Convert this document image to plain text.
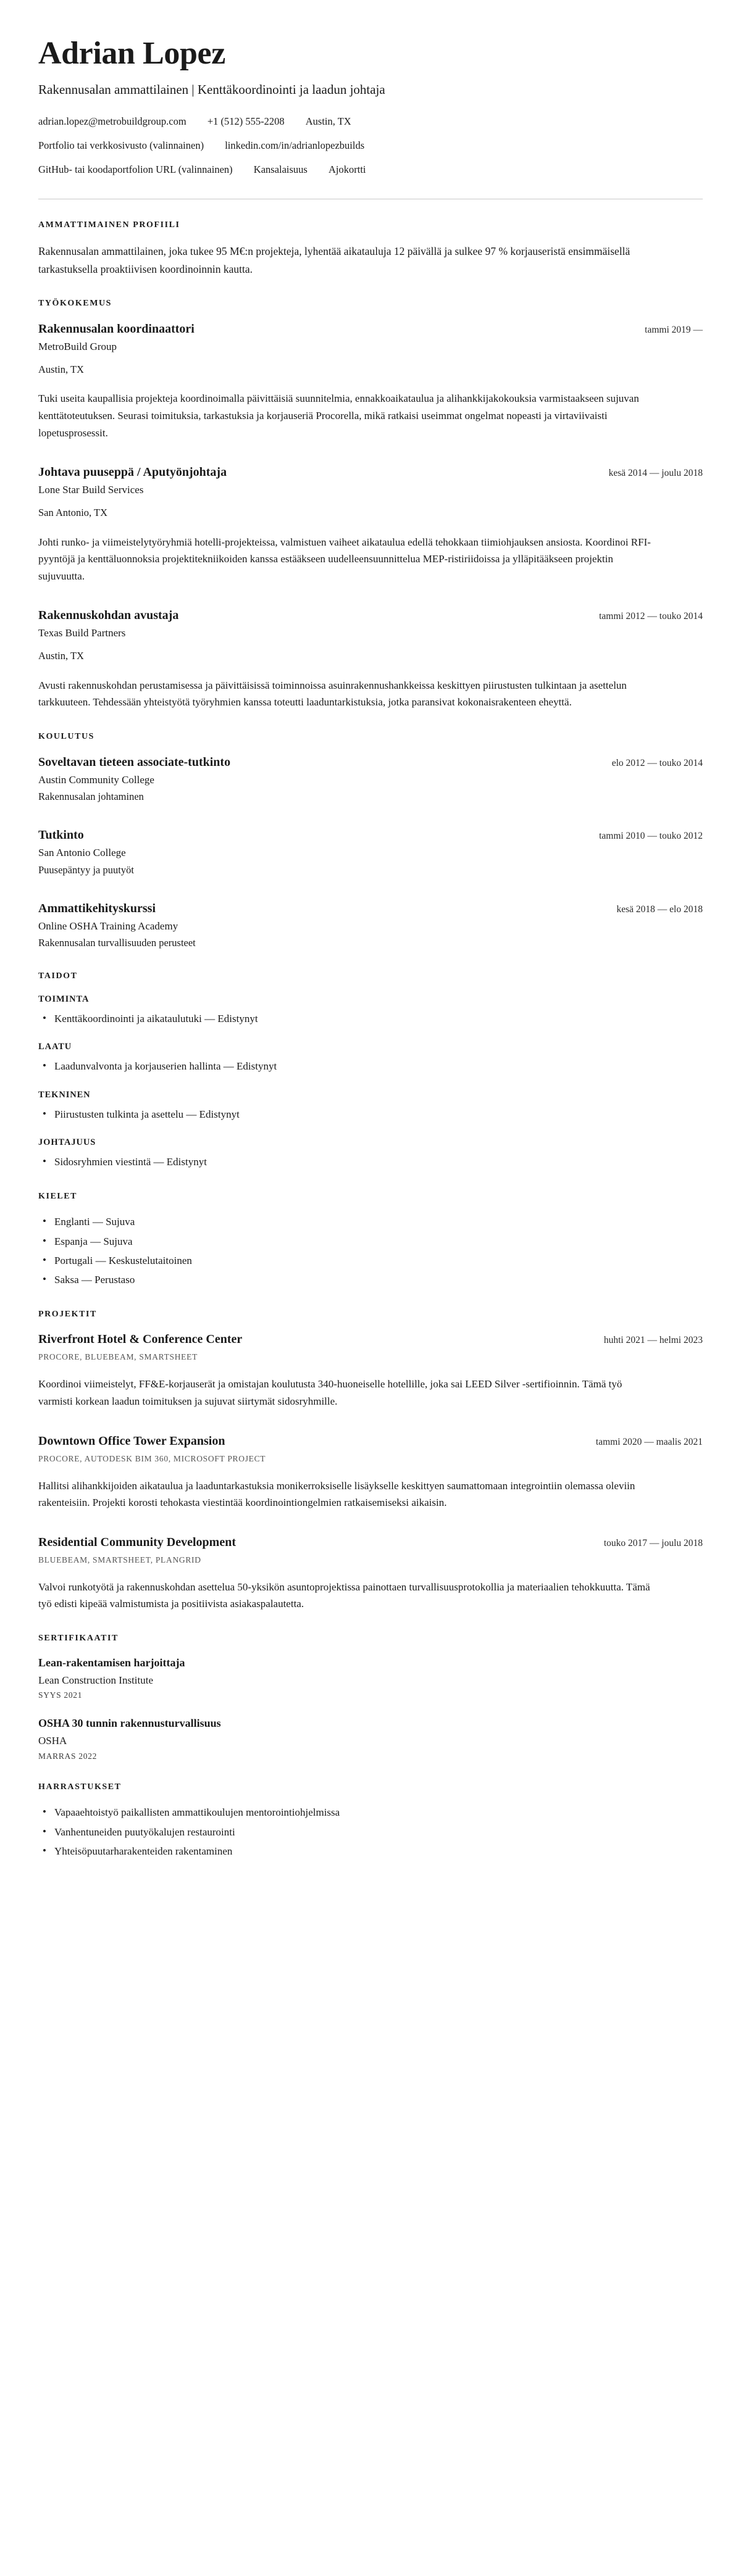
Adrian Lopez

Rakennusalan ammattilainen | Kenttäkoordinointi ja laadun johtaja

adrian.lopez@metrobuildgroup.com +1 (512) 555-2208 Austin, TX
Portfolio tai verkkosivusto (valinnainen) linkedin.com/in/adrianlopezbuilds
GitHub- tai koodaportfolion URL (valinnainen) Kansalaisuus Ajokortti
AMMATTIMAINEN PROFIILI

Rakennusalan ammattilainen, joka tukee 95 M€:n projekteja, lyhentää aikatauluja 12 päivällä ja sulkee 97 % korjauseristä ensimmäisellä tarkastuksella proaktiivisen koordinoinnin kautta.

TYÖKOKEMUS
Rakennusalan koordinaattori	tammi 2019 —

MetroBuild Group

Austin, TX

Tuki useita kaupallisia projekteja koordinoimalla päivittäisiä suunnitelmia, ennakkoaikataulua ja alihankkijakokouksia varmistaakseen sujuvan kenttätoteutuksen. Seurasi toimituksia, tarkastuksia ja korjauseriä Procorella, mikä ratkaisi useimmat ongelmat nopeasti ja virtaviivaisti lopetusprosessit.

Johtava puuseppä / Aputyönjohtaja	kesä 2014 — joulu 2018

Lone Star Build Services

San Antonio, TX

Johti runko- ja viimeistelytyöryhmiä hotelli-projekteissa, valmistuen vaiheet aikataulua edellä tehokkaan tiimiohjauksen ansiosta. Koordinoi RFI-pyyntöjä ja kenttäluonnoksia projektitekniikoiden kanssa estääkseen uudelleensuunnittelua MEP-ristiriidoissa ja ylläpitääkseen projektin sujuvuutta.

Rakennuskohdan avustaja	tammi 2012 — touko 2014

Texas Build Partners

Austin, TX

Avusti rakennuskohdan perustamisessa ja päivittäisissä toiminnoissa asuinrakennushankkeissa keskittyen piirustusten tulkintaan ja asettelun tarkkuuteen. Tehdessään yhteistyötä työryhmien kanssa toteutti laaduntarkistuksia, jotka paransivat kokonaisrakenteen eheyttä.

KOULUTUS
Soveltavan tieteen associate-tutkinto	elo 2012 — touko 2014

Austin Community College

Rakennusalan johtaminen

Tutkinto	tammi 2010 — touko 2012

San Antonio College

Puusepäntyy ja puutyöt

Ammattikehityskurssi	kesä 2018 — elo 2018

Online OSHA Training Academy

Rakennusalan turvallisuuden perusteet

TAIDOT
TOIMINTA
• Kenttäkoordinointi ja aikataulutuki — Edistynyt
LAATU
• Laadunvalvonta ja korjauserien hallinta — Edistynyt
TEKNINEN
• Piirustusten tulkinta ja asettelu — Edistynyt
JOHTAJUUS
• Sidosryhmien viestintä — Edistynyt
KIELET
• Englanti — Sujuva
• Espanja — Sujuva
• Portugali — Keskustelutaitoinen
• Saksa — Perustaso
PROJEKTIT
Riverfront Hotel & Conference Center	huhti 2021 — helmi 2023

PROCORE, BLUEBEAM, SMARTSHEET

Koordinoi viimeistelyt, FF&E-korjauserät ja omistajan koulutusta 340-huoneiselle hotellille, joka sai LEED Silver -sertifioinnin. Tämä työ varmisti korkean laadun toimituksen ja sujuvat siirtymät sidosryhmille.

Downtown Office Tower Expansion	tammi 2020 — maalis 2021

PROCORE, AUTODESK BIM 360, MICROSOFT PROJECT

Hallitsi alihankkijoiden aikataulua ja laaduntarkastuksia monikerroksiselle lisäykselle keskittyen saumattomaan integrointiin olemassa oleviin rakenteisiin. Projekti korosti tehokasta viestintää koordinointiongelmien ratkaisemiseksi aikaisin.

Residential Community Development	touko 2017 — joulu 2018

BLUEBEAM, SMARTSHEET, PLANGRID

Valvoi runkotyötä ja rakennuskohdan asettelua 50-yksikön asuntoprojektissa painottaen turvallisuusprotokollia ja materiaalien tehokkuutta. Tämä työ edisti kipeää valmistumista ja positiivista asiakaspalautetta.

SERTIFIKAATIT
Lean-rakentamisen harjoittaja

Lean Construction Institute

SYYS 2021

OSHA 30 tunnin rakennusturvallisuus

OSHA

MARRAS 2022

HARRASTUKSET
• Vapaaehtoistyö paikallisten ammattikoulujen mentorointiohjelmissa
• Vanhentuneiden puutyökalujen restaurointi
• Yhteisöpuutarharakenteiden rakentaminen
